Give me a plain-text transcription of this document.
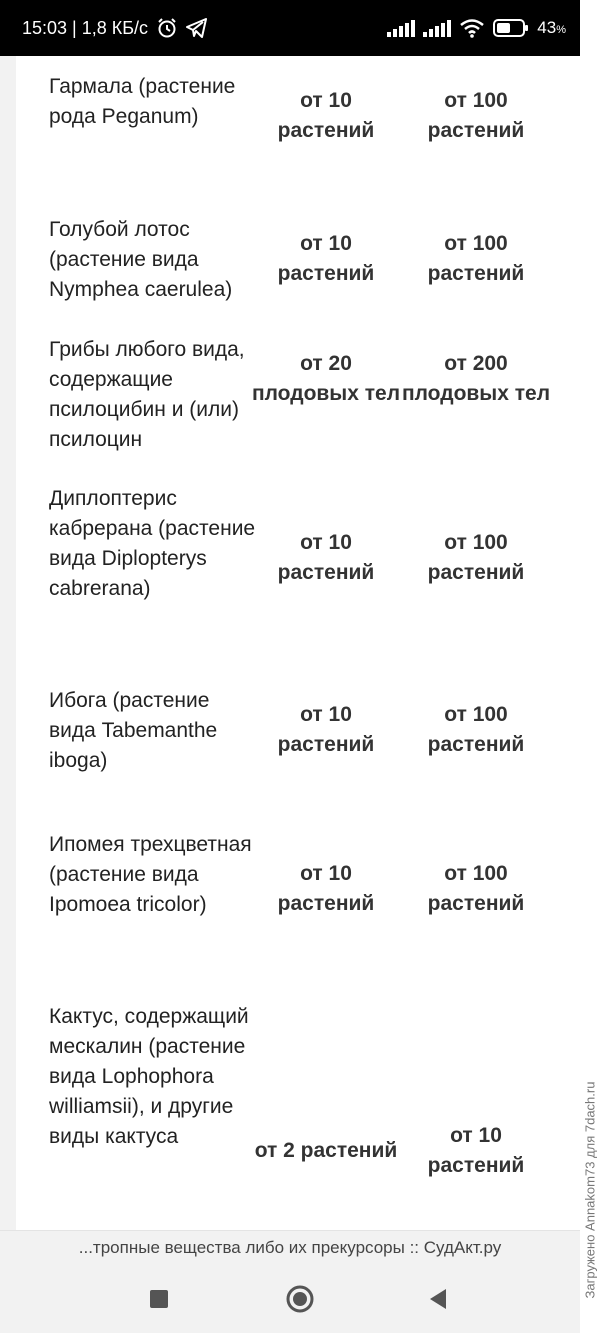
15:03 | 1,8 КБ/с	43%
Гармала (растение рода Peganum)
от 10 растений
от 100 растений
Голубой лотос (растение вида Nymphea caerulea)
от 10 растений
от 100 растений
Грибы любого вида, содержащие псилоцибин и (или) псилоцин
от 20 плодовых тел
от 200 плодовых тел
Диплоптерис кабрерана (растение вида Diplopterys cabrerana)
от 10 растений
от 100 растений
Ибога (растение вида Tabemanthe iboga)
от 10 растений
от 100 растений
Ипомея трехцветная (растение вида Ipomoea tricolor)
от 10 растений
от 100 растений
Кактус, содержащий мескалин (растение вида Lophophora williamsii), и другие виды кактуса
от 2 растений
от 10 растений
...тропные вещества либо их прекурсоры :: СудАкт.ру	Загружено Annakom73 для 7dach.ru
